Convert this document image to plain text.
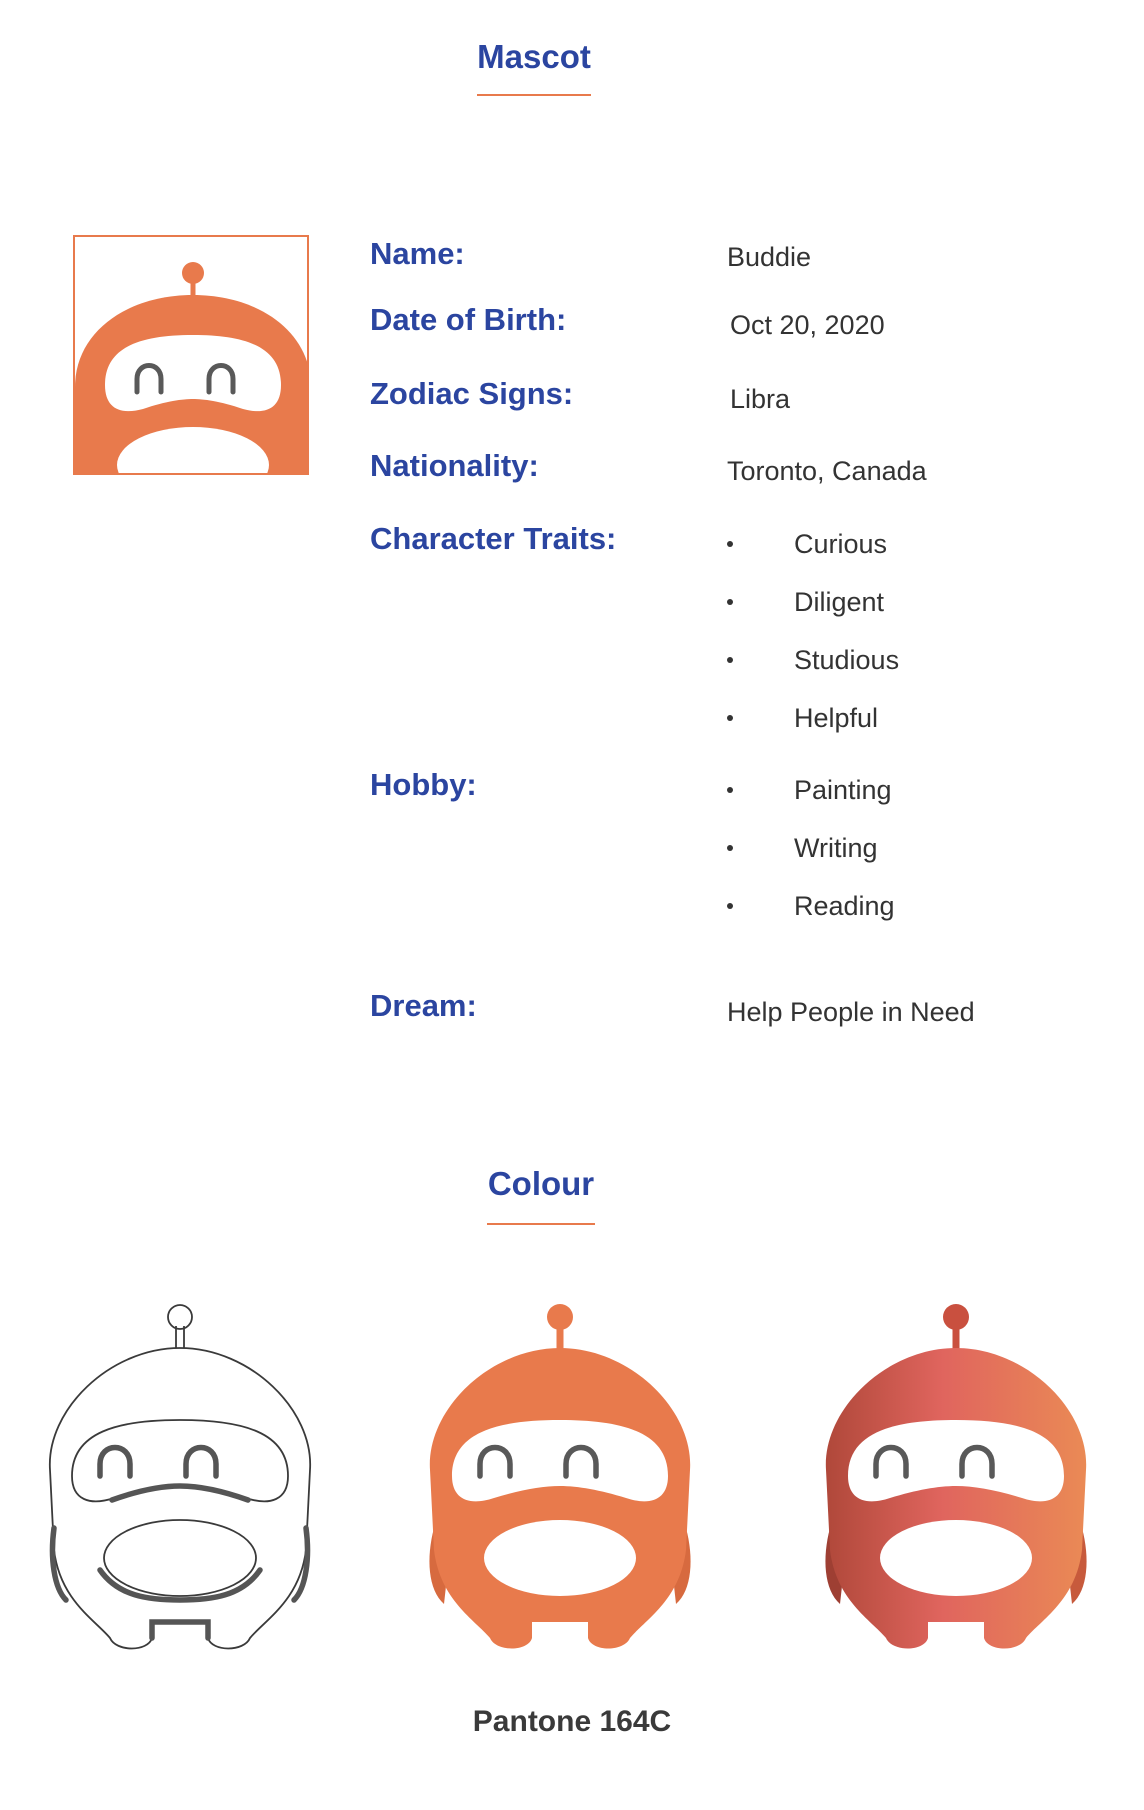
Mascot
Name:	Buddie
Date of Birth:	Oct 20, 2020
Zodiac Signs:	Libra
Nationality:	Toronto, Canada
Character Traits:	Curious
Diligent
Studious
Helpful
Hobby:	Painting
Writing
Reading
Dream:	Help People in Need
Colour
Pantone 164C
